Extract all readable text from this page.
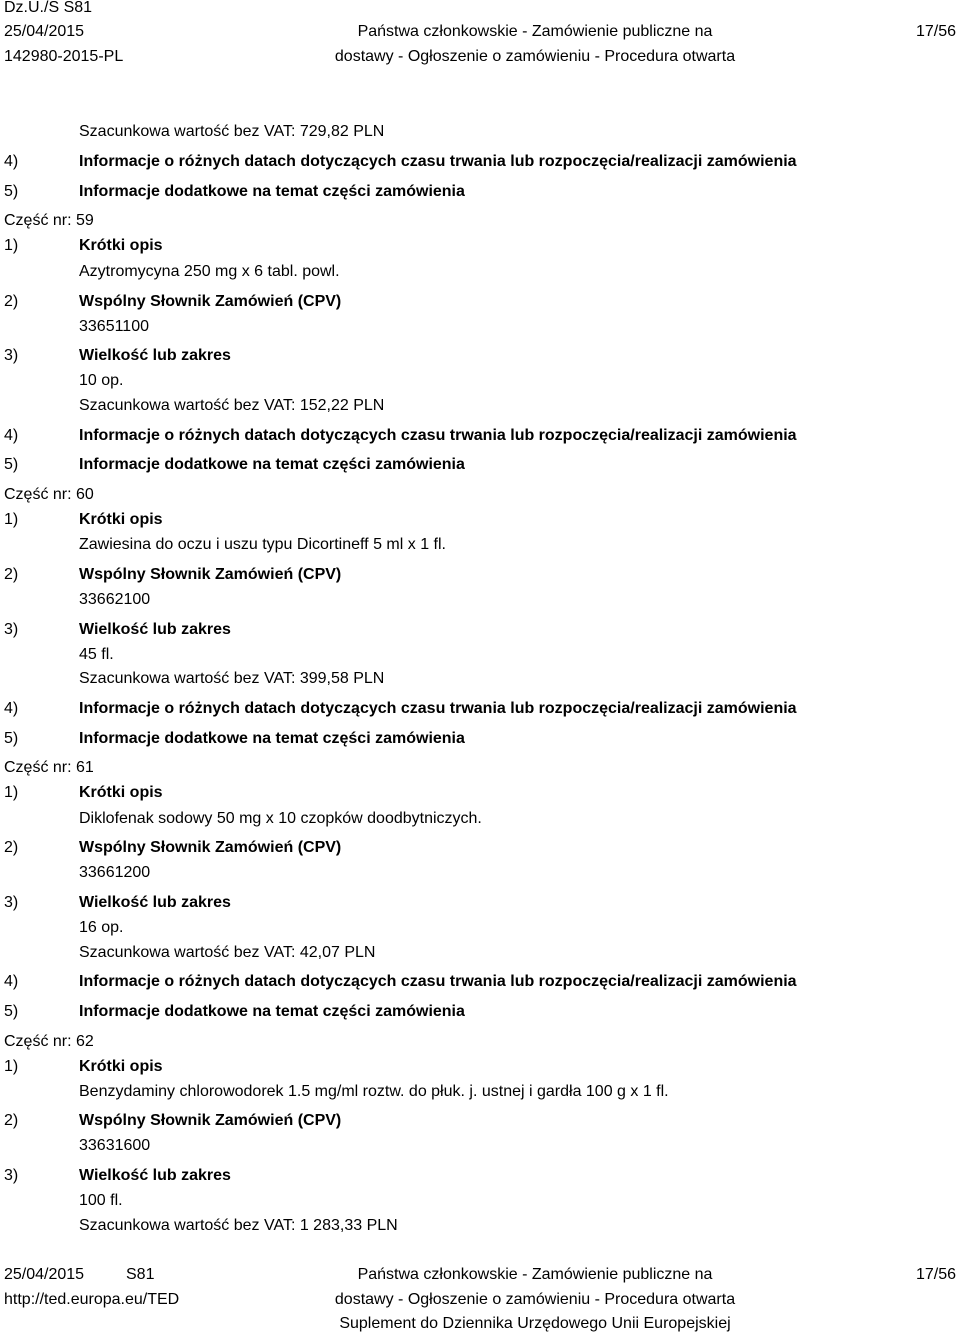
Dz.U./S S81
25/04/2015
142980-2015-PL
Państwa członkowskie - Zamówienie publiczne na
dostawy - Ogłoszenie o zamówieniu - Procedura otwarta
17/56
Szacunkowa wartość bez VAT: 729,82 PLN
4)	Informacje o różnych datach dotyczących czasu trwania lub rozpoczęcia/realizacji zamówienia
5)	Informacje dodatkowe na temat części zamówienia
Część nr: 59
1)	Krótki opis
Azytromycyna 250 mg x 6 tabl. powl.
2)	Wspólny Słownik Zamówień (CPV)
33651100
3)	Wielkość lub zakres
10 op.
Szacunkowa wartość bez VAT: 152,22 PLN
4)	Informacje o różnych datach dotyczących czasu trwania lub rozpoczęcia/realizacji zamówienia
5)	Informacje dodatkowe na temat części zamówienia
Część nr: 60
1)	Krótki opis
Zawiesina do oczu i uszu typu Dicortineff 5 ml x 1 fl.
2)	Wspólny Słownik Zamówień (CPV)
33662100
3)	Wielkość lub zakres
45 fl.
Szacunkowa wartość bez VAT: 399,58 PLN
4)	Informacje o różnych datach dotyczących czasu trwania lub rozpoczęcia/realizacji zamówienia
5)	Informacje dodatkowe na temat części zamówienia
Część nr: 61
1)	Krótki opis
Diklofenak sodowy 50 mg x 10 czopków doodbytniczych.
2)	Wspólny Słownik Zamówień (CPV)
33661200
3)	Wielkość lub zakres
16 op.
Szacunkowa wartość bez VAT: 42,07 PLN
4)	Informacje o różnych datach dotyczących czasu trwania lub rozpoczęcia/realizacji zamówienia
5)	Informacje dodatkowe na temat części zamówienia
Część nr: 62
1)	Krótki opis
Benzydaminy chlorowodorek 1.5 mg/ml roztw. do płuk. j. ustnej i gardła 100 g x 1 fl.
2)	Wspólny Słownik Zamówień (CPV)
33631600
3)	Wielkość lub zakres
100 fl.
Szacunkowa wartość bez VAT: 1 283,33 PLN
25/04/2015	S81
http://ted.europa.eu/TED
Państwa członkowskie - Zamówienie publiczne na
dostawy - Ogłoszenie o zamówieniu - Procedura otwarta
Suplement do Dziennika Urzędowego Unii Europejskiej
17/56
